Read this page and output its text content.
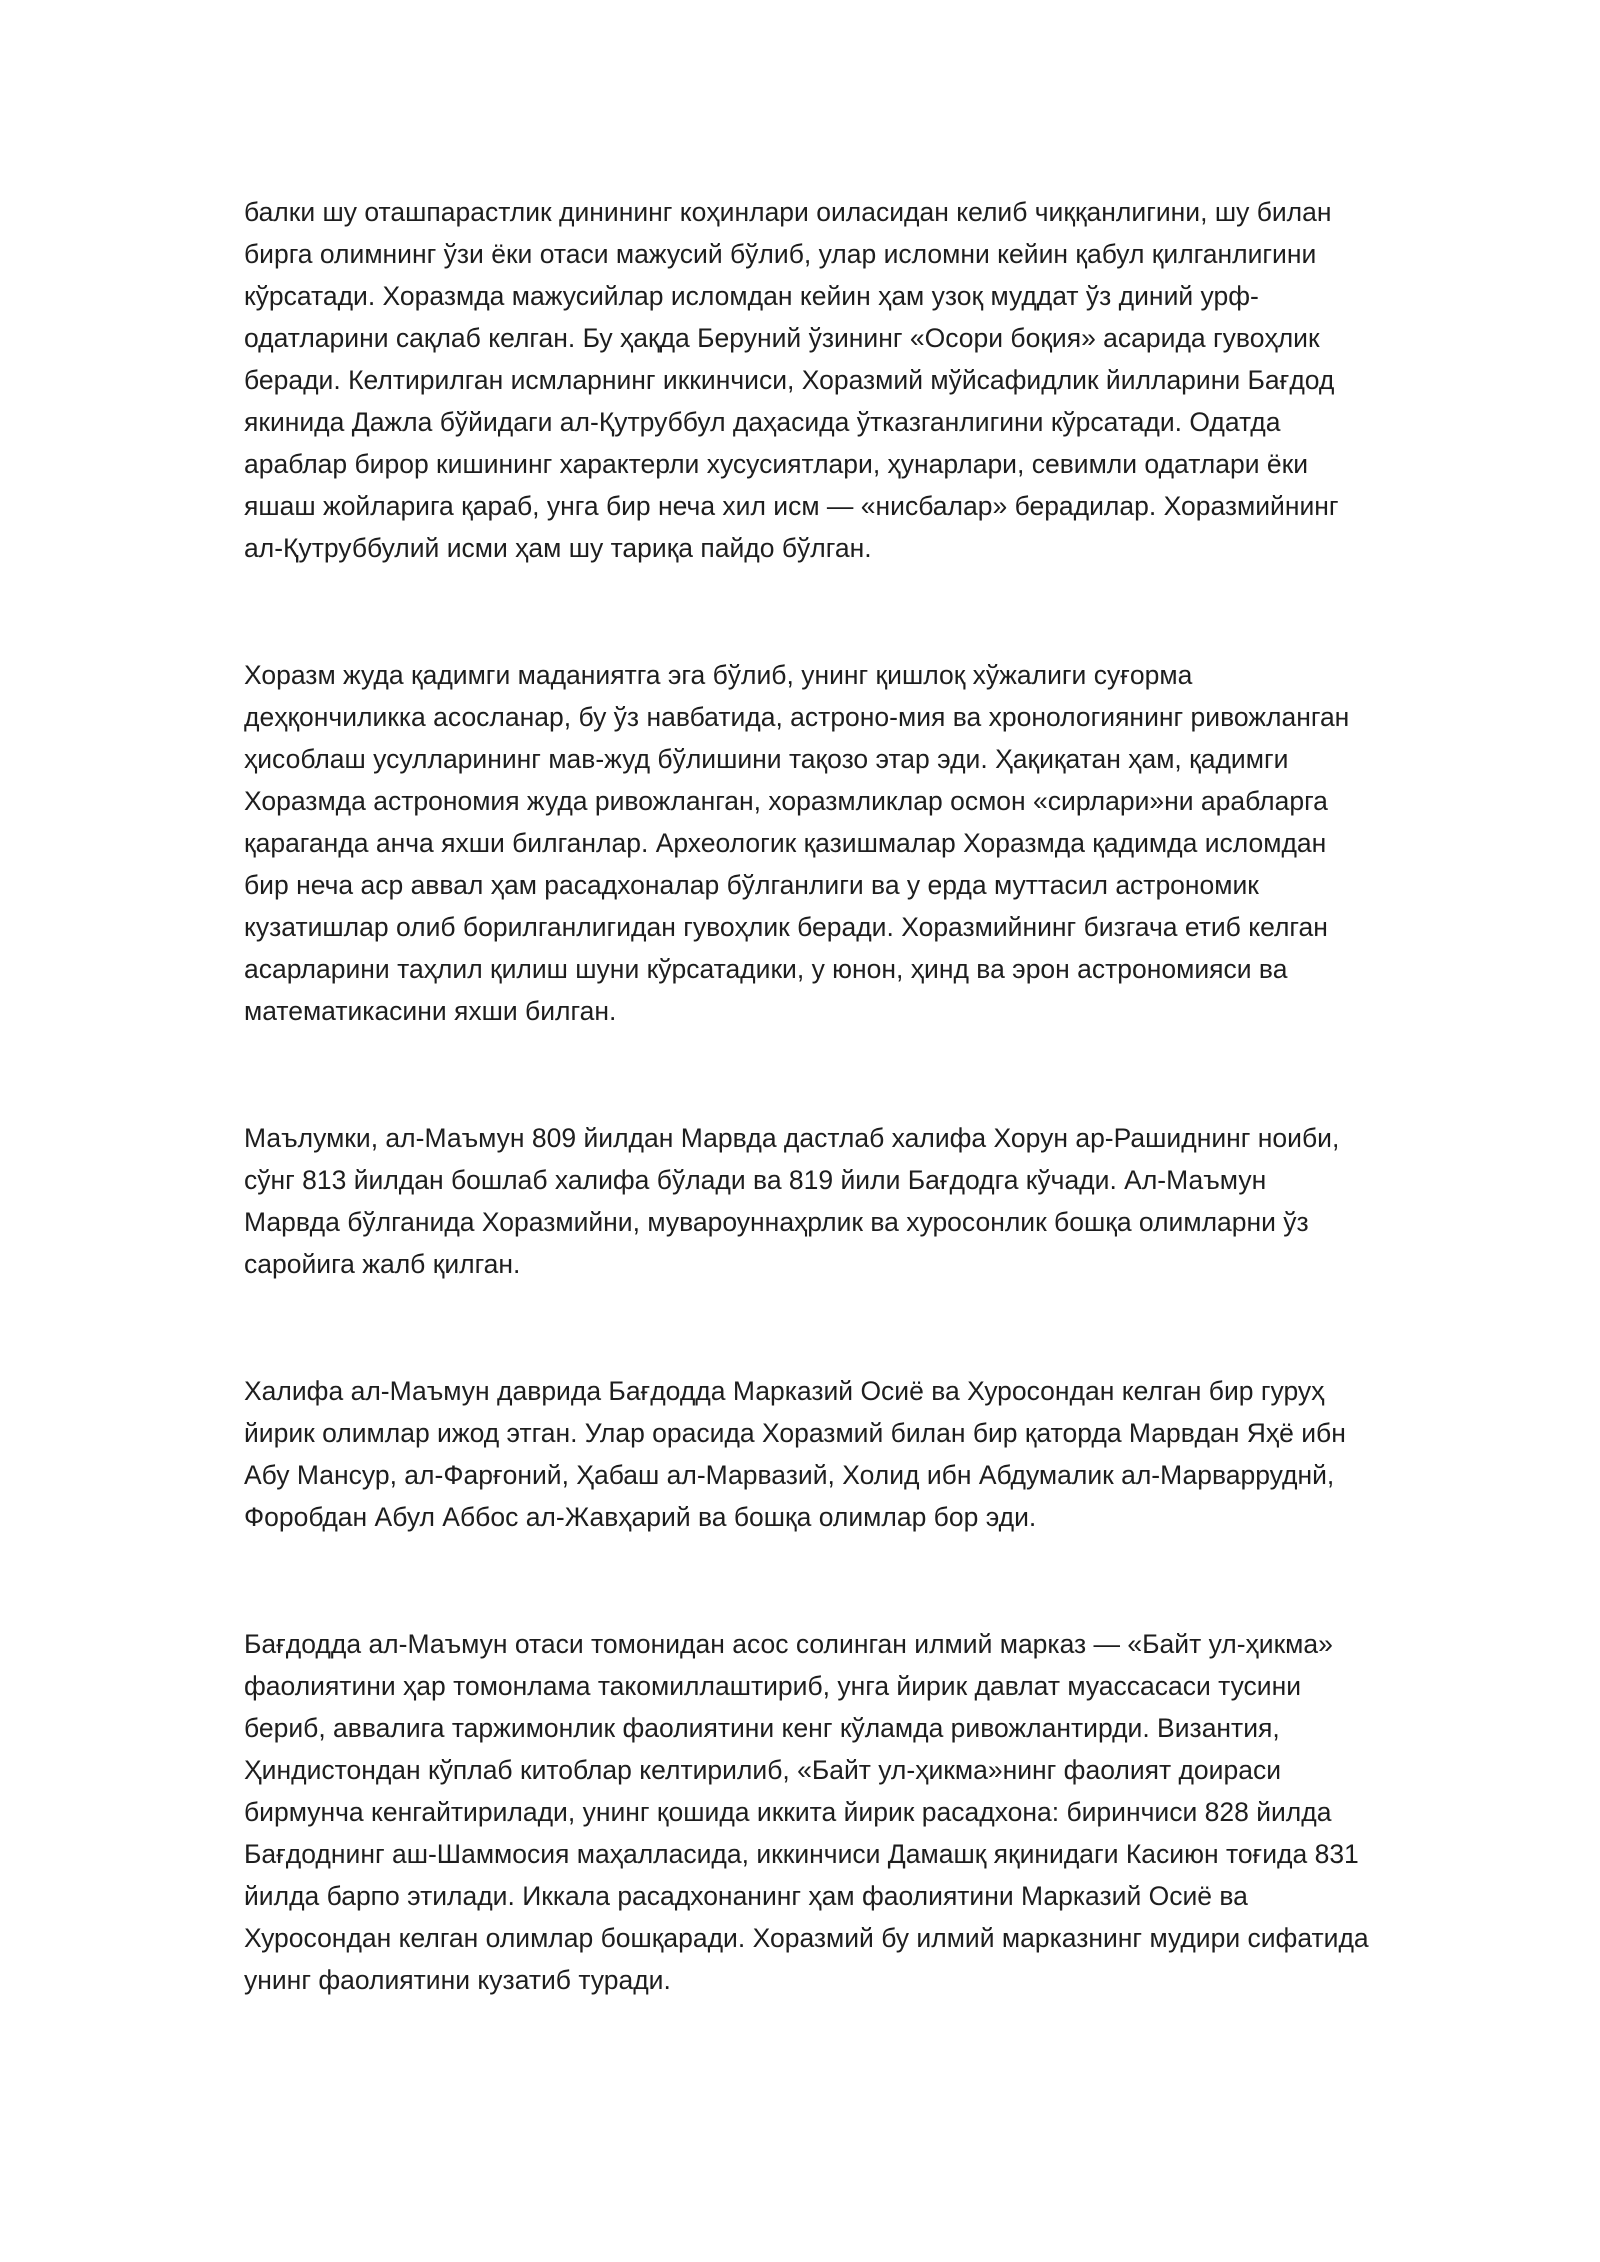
балки шу оташпарастлик динининг коҳинлари оиласидан келиб чиққанлигини, шу билан бирга олимнинг ўзи ёки отаси мажусий бўлиб, улар исломни кейин қабул қилганлигини кўрсатади. Хоразмда мажусийлар исломдан кейин ҳам узоқ муддат ўз диний урф-одатларини сақлаб келган. Бу ҳақда Беруний ўзининг «Осори боқия» асарида гувоҳлик беради. Келтирилган исмларнинг иккинчиси, Хоразмий мўйсафидлик йилларини Бағдод якинида Дажла бўйидаги ал-Қутруббул даҳасида ўтказганлигини кўрсатади. Одатда араблар бирор кишининг характерли хусусиятлари, ҳунарлари, севимли одатлари ёки яшаш жойларига қараб, унга бир неча хил исм — «нисбалар» берадилар. Хоразмийнинг ал-Қутруббулий исми ҳам шу тариқа пайдо бўлган.

Хоразм жуда қадимги маданиятга эга бўлиб, унинг қишлоқ хўжалиги суғорма деҳқончиликка асосланар, бу ўз навбатида, астроно-мия ва хронологиянинг ривожланган ҳисоблаш усулларининг мав-жуд бўлишини тақозо этар эди. Ҳақиқатан ҳам, қадимги Хоразмда астрономия жуда ривожланган, хоразмликлар осмон «сирлари»ни арабларга қараганда анча яхши билганлар. Археологик қазишмалар Хоразмда қадимда исломдан бир неча аср аввал ҳам расадхоналар бўлганлиги ва у ерда муттасил астрономик кузатишлар олиб борилганлигидан гувоҳлик беради. Хоразмийнинг бизгача етиб келган асарларини таҳлил қилиш шуни кўрсатадики, у юнон, ҳинд ва эрон астрономияси ва математикасини яхши билган.

Маълумки, ал-Маъмун 809 йилдан Марвда дастлаб халифа Хорун ар-Рашиднинг ноиби, сўнг 813 йилдан бошлаб халифа бўлади ва 819 йили Бағдодга кўчади. Ал-Маъмун Марвда бўлганида Хоразмийни, мувароуннаҳрлик ва хуросонлик бошқа олимларни ўз саройига жалб қилган.

Халифа ал-Маъмун даврида Бағдодда Марказий Осиё ва Хуросондан келган бир гуруҳ йирик олимлар ижод этган. Улар орасида Хоразмий билан бир қаторда Марвдан Яҳё ибн Абу Мансур, ал-Фарғоний, Ҳабаш ал-Марвазий, Холид ибн Абдумалик ал-Марварруднй, Форобдан Абул Аббос ал-Жавҳарий ва бошқа олимлар бор эди.

Бағдодда ал-Маъмун отаси томонидан асос солинган илмий марказ — «Байт ул-ҳикма» фаолиятини ҳар томонлама такомиллаштириб, унга йирик давлат муассасаси тусини бериб, аввалига таржимонлик фаолиятини кенг кўламда ривожлантирди. Византия, Ҳиндистондан кўплаб китоблар келтирилиб, «Байт ул-ҳикма»нинг фаолият доираси бирмунча кенгайтирилади, унинг қошида иккита йирик расадхона: биринчиси 828 йилда Бағдоднинг аш-Шаммосия маҳалласида, иккинчиси Дамашқ яқинидаги Касиюн тоғида 831 йилда барпо этилади. Иккала расадхонанинг ҳам фаолиятини Марказий Осиё ва Хуросондан келган олимлар бошқаради. Хоразмий бу илмий марказнинг мудири сифатида унинг фаолиятини кузатиб туради.
